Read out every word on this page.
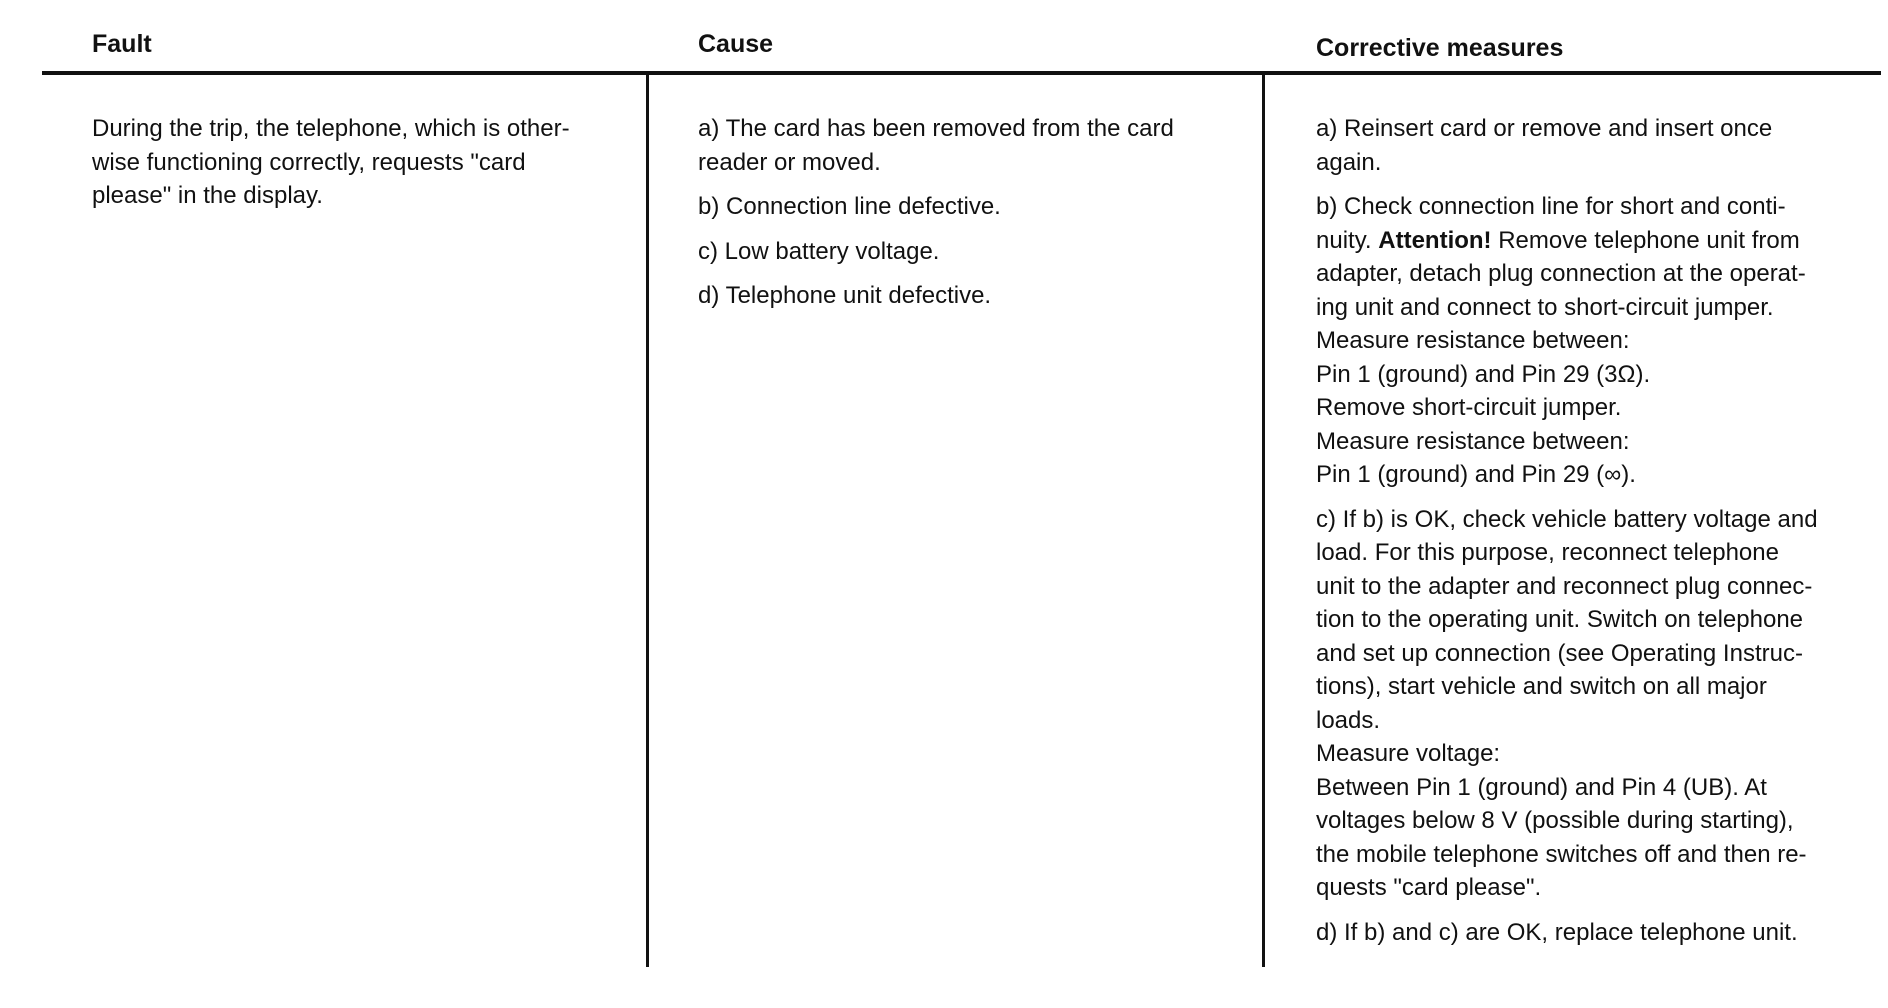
Fault	Cause	Corrective measures

During the trip, the telephone, which is other-
wise functioning correctly, requests "card
please" in the display.

a) The card has been removed from the card
reader or moved.

b) Connection line defective.

c) Low battery voltage.

d) Telephone unit defective.

a) Reinsert card or remove and insert once
again.

b) Check connection line for short and conti-
nuity. Attention! Remove telephone unit from
adapter, detach plug connection at the operat-
ing unit and connect to short-circuit jumper.
Measure resistance between:
Pin 1 (ground) and Pin 29 (3Ω).
Remove short-circuit jumper.
Measure resistance between:
Pin 1 (ground) and Pin 29 (∞).

c) If b) is OK, check vehicle battery voltage and
load. For this purpose, reconnect telephone
unit to the adapter and reconnect plug connec-
tion to the operating unit. Switch on telephone
and set up connection (see Operating Instruc-
tions), start vehicle and switch on all major
loads.
Measure voltage:
Between Pin 1 (ground) and Pin 4 (UB). At
voltages below 8 V (possible during starting),
the mobile telephone switches off and then re-
quests "card please".

d) If b) and c) are OK, replace telephone unit.
